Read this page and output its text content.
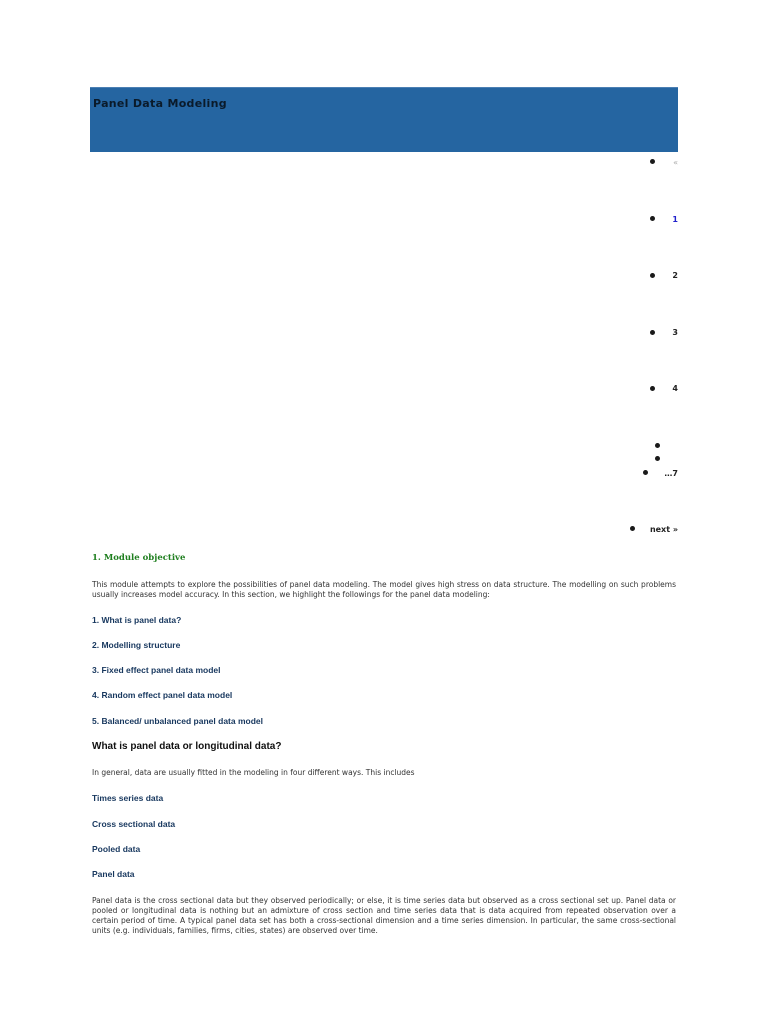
Panel Data Modeling
«
1
2
3
4
…7
next »
1. Module objective

This module attempts to explore the possibilities of panel data modeling. The model gives high stress on data structure. The modelling on such problems usually increases model accuracy. In this section, we highlight the followings for the panel data modeling:

1. What is panel data?
2. Modelling structure
3. Fixed effect panel data model
4. Random effect panel data model
5. Balanced/ unbalanced panel data model
What is panel data or longitudinal data?

In general, data are usually fitted in the modeling in four different ways. This includes

Times series data
Cross sectional data
Pooled data
Panel data

Panel data is the cross sectional data but they observed periodically; or else, it is time series data but observed as a cross sectional set up. Panel data or pooled or longitudinal data is nothing but an admixture of cross section and time series data that is data acquired from repeated observation over a certain period of time. A typical panel data set has both a cross-sectional dimension and a time series dimension. In particular, the same cross-sectional units (e.g. individuals, families, firms, cities, states) are observed over time.
